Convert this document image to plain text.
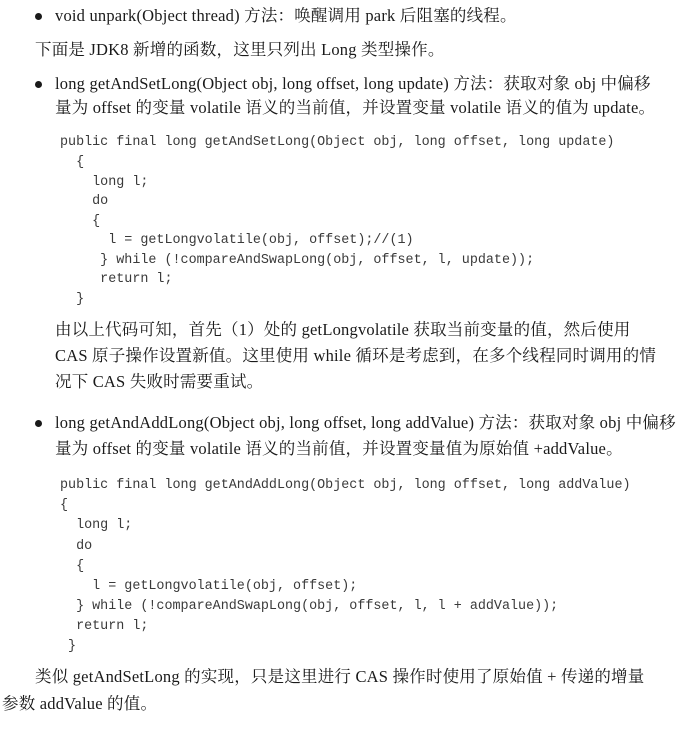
void unpark(Object thread) 方法：唤醒调用 park 后阻塞的线程。
下面是 JDK8 新增的函数，这里只列出 Long 类型操作。
long getAndSetLong(Object obj, long offset, long update) 方法：获取对象 obj 中偏移
量为 offset 的变量 volatile 语义的当前值，并设置变量 volatile 语义的值为 update。
public final long getAndSetLong(Object obj, long offset, long update)
{
long l;
do
{
l = getLongvolatile(obj, offset);//(1)
} while (!compareAndSwapLong(obj, offset, l, update));
return l;
}
由以上代码可知，首先（1）处的 getLongvolatile 获取当前变量的值，然后使用
CAS 原子操作设置新值。这里使用 while 循环是考虑到，在多个线程同时调用的情
况下 CAS 失败时需要重试。
long getAndAddLong(Object obj, long offset, long addValue) 方法：获取对象 obj 中偏移
量为 offset 的变量 volatile 语义的当前值，并设置变量值为原始值 +addValue。
public final long getAndAddLong(Object obj, long offset, long addValue)
{
long l;
do
{
l = getLongvolatile(obj, offset);
} while (!compareAndSwapLong(obj, offset, l, l + addValue));
return l;
}
类似 getAndSetLong 的实现，只是这里进行 CAS 操作时使用了原始值 + 传递的增量
参数 addValue 的值。
